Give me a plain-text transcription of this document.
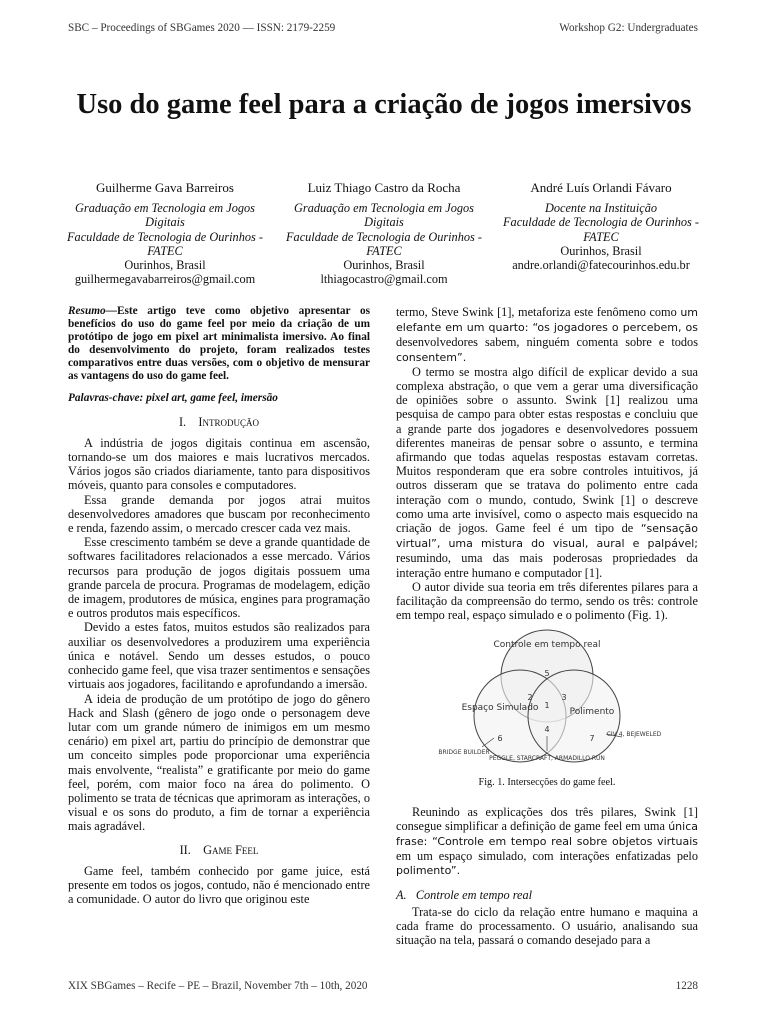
SBC – Proceedings of SBGames 2020 — ISSN: 2179-2259	Workshop G2: Undergraduates
Uso do game feel para a criação de jogos imersivos
Guilherme Gava Barreiros
Graduação em Tecnologia em Jogos Digitais
Faculdade de Tecnologia de Ourinhos - FATEC
Ourinhos, Brasil
guilhermegavabarreiros@gmail.com
Luiz Thiago Castro da Rocha
Graduação em Tecnologia em Jogos Digitais
Faculdade de Tecnologia de Ourinhos - FATEC
Ourinhos, Brasil
lthiagocastro@gmail.com
André Luís Orlandi Fávaro
Docente na Instituição
Faculdade de Tecnologia de Ourinhos - FATEC
Ourinhos, Brasil
andre.orlandi@fatecourinhos.edu.br

Resumo—Este artigo teve como objetivo apresentar os benefícios do uso do game feel por meio da criação de um protótipo de jogo em pixel art minimalista imersivo. Ao final do desenvolvimento do projeto, foram realizados testes comparativos entre duas versões, com o objetivo de mensurar as vantagens do uso do game feel.

Palavras-chave: pixel art, game feel, imersão

I. Introdução

A indústria de jogos digitais continua em ascensão, tornando-se um dos maiores e mais lucrativos mercados. Vários jogos são criados diariamente, tanto para dispositivos móveis, quanto para consoles e computadores.

Essa grande demanda por jogos atrai muitos desenvolvedores amadores que buscam por reconhecimento e renda, fazendo assim, o mercado crescer cada vez mais.

Esse crescimento também se deve a grande quantidade de softwares facilitadores relacionados a esse mercado. Vários recursos para produção de jogos digitais possuem uma grande parcela de procura. Programas de modelagem, edição de imagem, produtores de música, engines para programação e outros produtos mais específicos.

Devido a estes fatos, muitos estudos são realizados para auxiliar os desenvolvedores a produzirem uma experiência única e notável. Sendo um desses estudos, o pouco conhecido game feel, que visa trazer sentimentos e sensações virtuais aos jogadores, facilitando e aprofundando a imersão.

A ideia de produção de um protótipo de jogo do gênero Hack and Slash (gênero de jogo onde o personagem deve lutar com um grande número de inimigos em um mesmo cenário) em pixel art, partiu do princípio de demonstrar que um conceito simples pode proporcionar uma experiência mais envolvente, “realista” e gratificante por meio do game feel, porém, com maior foco na área do polimento. O polimento se trata de técnicas que aprimoram as interações, o visual e os sons do produto, a fim de tornar a experiência mais agradável.

II. Game Feel

Game feel, também conhecido por game juice, está presente em todos os jogos, contudo, não é mencionado entre a comunidade. O autor do livro que originou este

termo, Steve Swink [1], metaforiza este fenômeno como um elefante em um quarto: “os jogadores o percebem, os desenvolvedores sabem, ninguém comenta sobre e todos consentem”.

O termo se mostra algo difícil de explicar devido a sua complexa abstração, o que vem a gerar uma diversificação de opiniões sobre o assunto. Swink [1] realizou uma pesquisa de campo para obter estas respostas e concluiu que a grande parte dos jogadores e desenvolvedores possuem diferentes maneiras de pensar sobre o assunto, e termina afirmando que todas aquelas respostas estavam corretas. Muitos responderam que era sobre controles intuitivos, já outros disseram que se tratava do polimento entre cada interação com o mundo, contudo, Swink [1] o descreve como uma arte invisível, como o aspecto mais esquecido na criação de jogos. Game feel é um tipo de “sensação virtual”, uma mistura do visual, aural e palpável; resumindo, uma das mais poderosas propriedades da interação entre humano e computador [1].

O autor divide sua teoria em três diferentes pilares para a facilitação da compreensão do termo, sendo os três: controle em tempo real, espaço simulado e o polimento (Fig. 1).

Controle em tempo real
Espaço Simulado	Polimento
5
2	3
1
4
6	7
BRIDGE BUILDER
PEGGLE, STARCRAFT, ARMADILLO RUN
CIV 4, BEJEWELED

Fig. 1. Intersecções do game feel.

Reunindo as explicações dos três pilares, Swink [1] consegue simplificar a definição de game feel em uma única frase: “Controle em tempo real sobre objetos virtuais em um espaço simulado, com interações enfatizadas pelo polimento”.

A. Controle em tempo real

Trata-se do ciclo da relação entre humano e maquina a cada frame do processamento. O usuário, analisando sua situação na tela, passará o comando desejado para a

XIX SBGames – Recife – PE – Brazil, November 7th – 10th, 2020	1228
